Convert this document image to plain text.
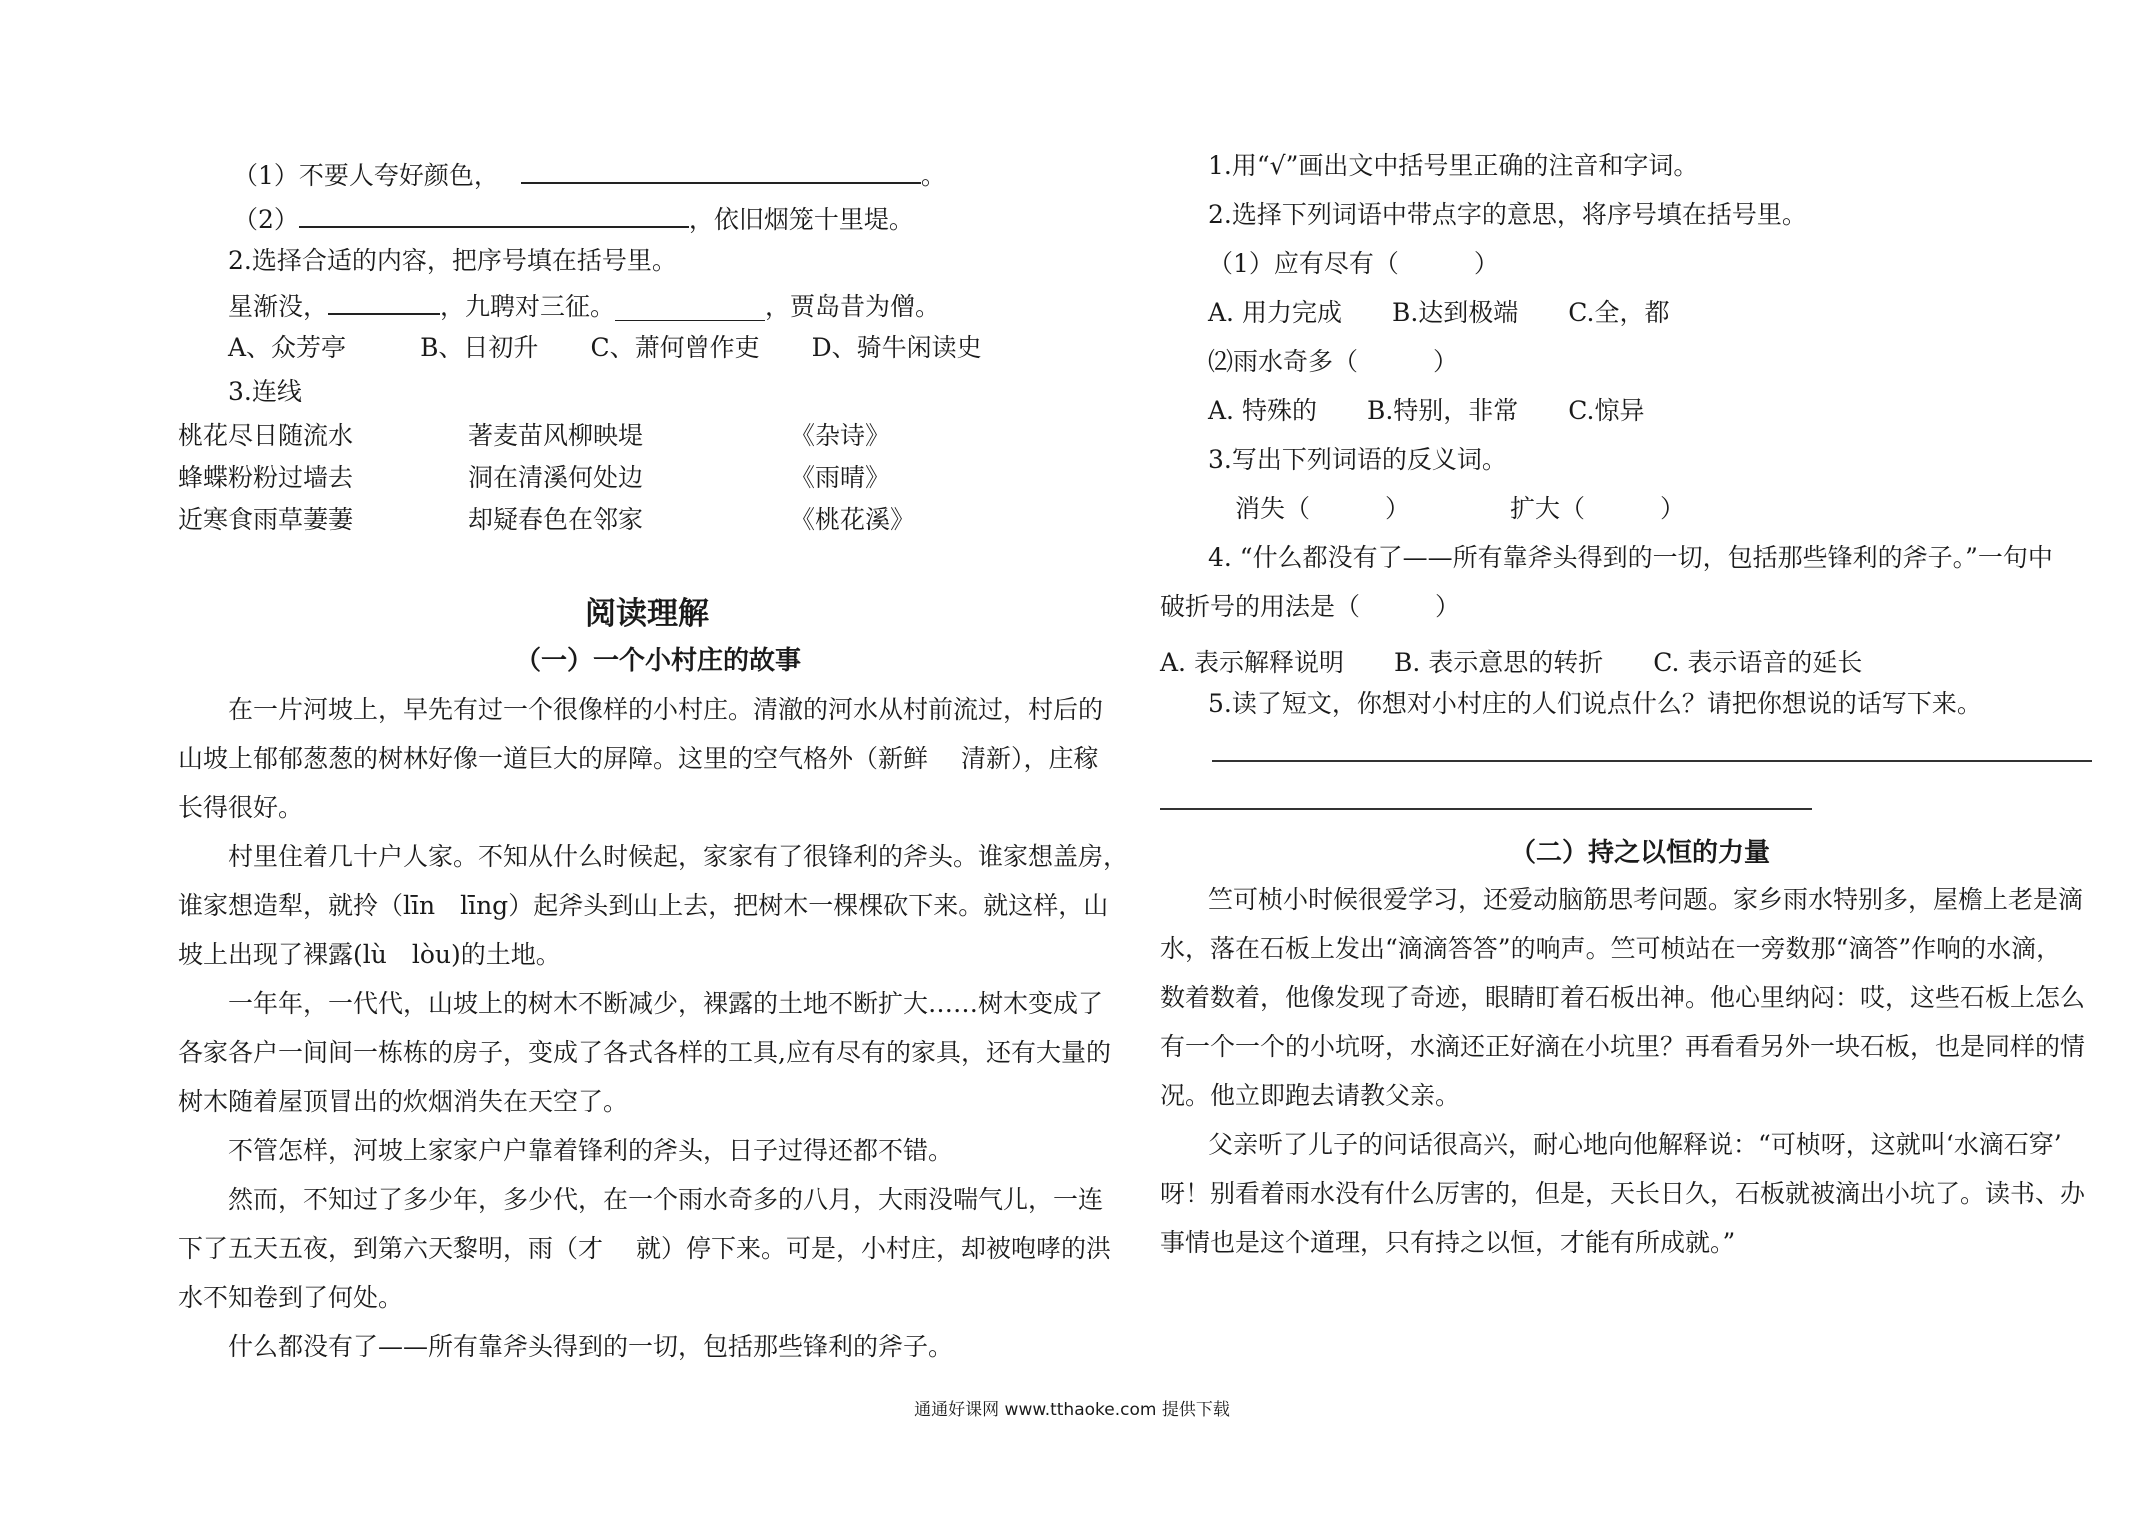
（1）不要人夸好颜色，	。
（2）	，依旧烟笼十里堤。
2.选择合适的内容，把序号填在括号里。
星渐没，	，九聘对三征。____________，贾岛昔为僧。
A、众芳亭	B、日初升 C、萧何曾作吏 D、骑牛闲读史
3.连线
桃花尽日随流水	著麦苗风柳映堤	《杂诗》
蜂蝶粉粉过墙去	洞在清溪何处边	《雨晴》
近寒食雨草萋萋	却疑春色在邻家	《桃花溪》
阅读理解
（一）一个小村庄的故事
在一片河坡上，早先有过一个很像样的小村庄。清澈的河水从村前流过，村后的
山坡上郁郁葱葱的树林好像一道巨大的屏障。这里的空气格外（新鲜　 清新），庄稼
长得很好。
村里住着几十户人家。不知从什么时候起，家家有了很锋利的斧头。谁家想盖房，
谁家想造犁，就拎（līn　līng）起斧头到山上去，把树木一棵棵砍下来。就这样，山
坡上出现了裸露(lù　lòu)的土地。
一年年，一代代，山坡上的树木不断减少，裸露的土地不断扩大……树木变成了
各家各户一间间一栋栋的房子，变成了各式各样的工具,应有尽有的家具，还有大量的
树木随着屋顶冒出的炊烟消失在天空了。
不管怎样，河坡上家家户户靠着锋利的斧头，日子过得还都不错。
然而，不知过了多少年，多少代，在一个雨水奇多的八月，大雨没喘气儿，一连
下了五天五夜，到第六天黎明，雨（才　 就）停下来。可是，小村庄，却被咆哮的洪
水不知卷到了何处。
什么都没有了——所有靠斧头得到的一切，包括那些锋利的斧子。
1.用“√”画出文中括号里正确的注音和字词。
2.选择下列词语中带点字的意思，将序号填在括号里。
（1）应有尽有（　　　）
A. 用力完成 B.达到极端 C.全，都
⑵雨水奇多（　　　）
A. 特殊的 B.特别，非常 C.惊异
3.写出下列词语的反义词。
消失（　　　）	扩大（　　　）
4. “什么都没有了——所有靠斧头得到的一切，包括那些锋利的斧子。”一句中
破折号的用法是（　　　）
A. 表示解释说明 B. 表示意思的转折 C. 表示语音的延长
5.读了短文，你想对小村庄的人们说点什么？请把你想说的话写下来。
（二）持之以恒的力量
竺可桢小时候很爱学习，还爱动脑筋思考问题。家乡雨水特别多，屋檐上老是滴
水，落在石板上发出“滴滴答答”的响声。竺可桢站在一旁数那“滴答”作响的水滴，
数着数着，他像发现了奇迹，眼睛盯着石板出神。他心里纳闷：哎，这些石板上怎么
有一个一个的小坑呀，水滴还正好滴在小坑里？再看看另外一块石板，也是同样的情
况。他立即跑去请教父亲。
父亲听了儿子的问话很高兴，耐心地向他解释说：“可桢呀，这就叫‘水滴石穿’
呀！别看着雨水没有什么厉害的，但是，天长日久，石板就被滴出小坑了。读书、办
事情也是这个道理，只有持之以恒，才能有所成就。”
通通好课网 www.tthaoke.com 提供下载
